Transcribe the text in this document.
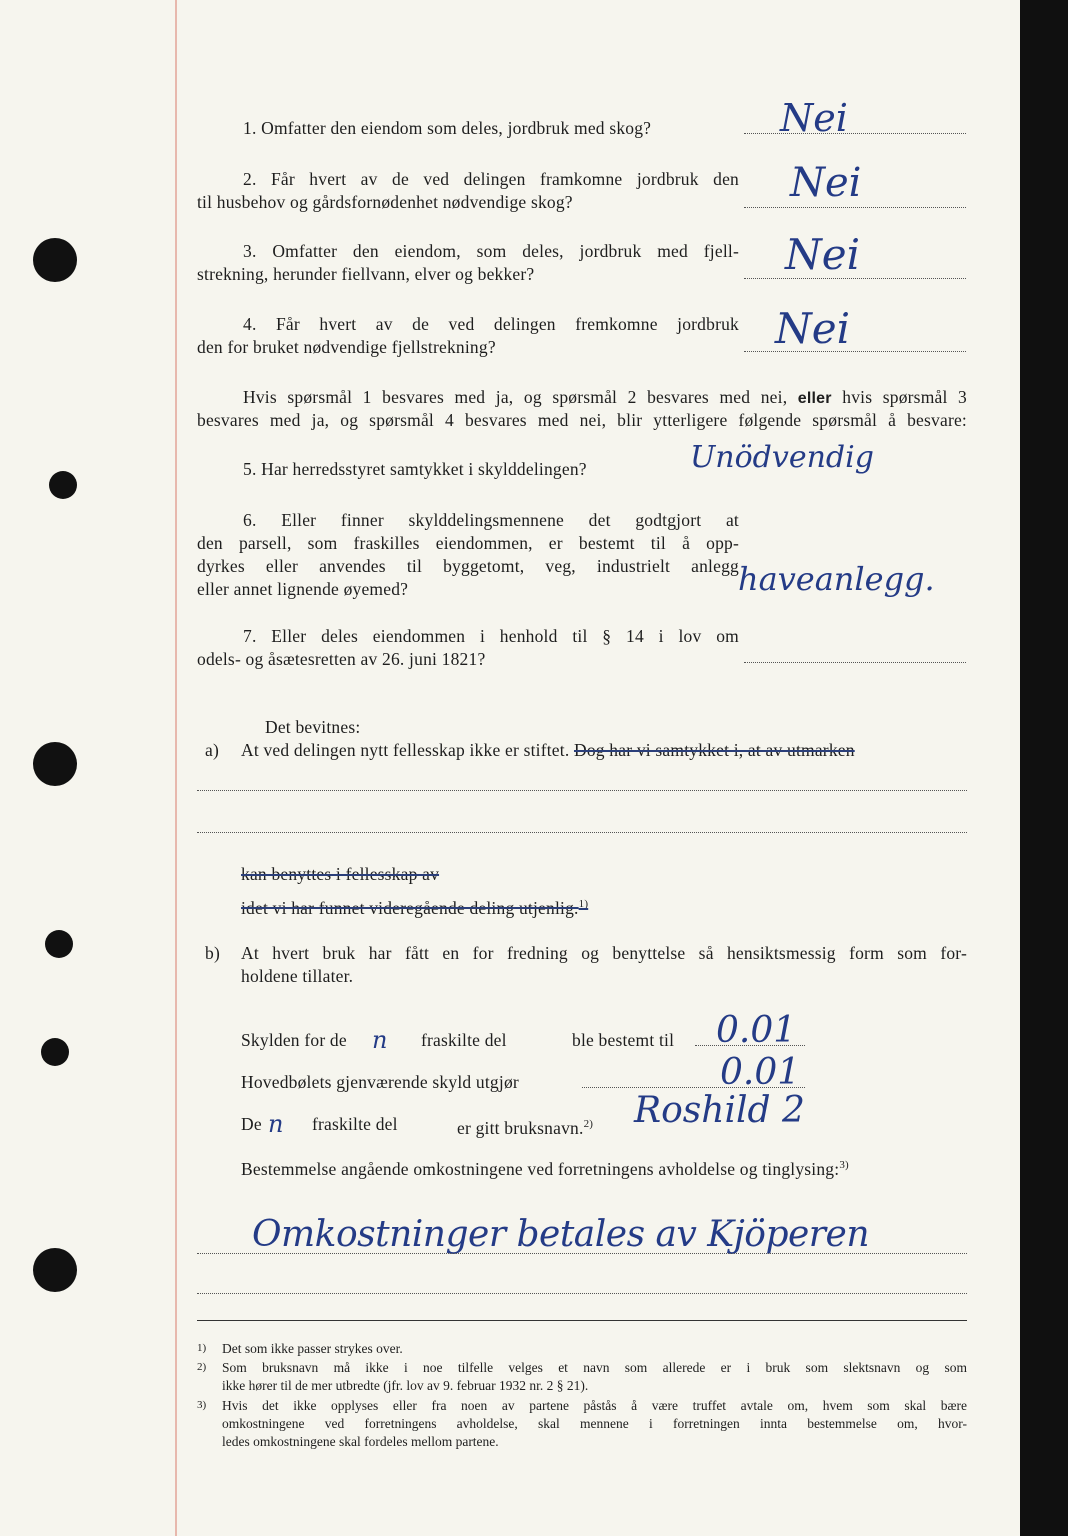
1. Omfatter den eiendom som deles, jordbruk med skog?	Nei
2. Får hvert av de ved delingen framkomne jordbruk den
til husbehov og gårdsfornødenhet nødvendige skog?	Nei
3. Omfatter den eiendom, som deles, jordbruk med fjell-
strekning, herunder fiellvann, elver og bekker?	Nei
4. Får hvert av de ved delingen fremkomne jordbruk
den for bruket nødvendige fjellstrekning?	Nei
Hvis spørsmål 1 besvares med ja, og spørsmål 2 besvares med nei, eller hvis spørsmål 3
besvares med ja, og spørsmål 4 besvares med nei, blir ytterligere følgende spørsmål å besvare:
5. Har herredsstyret samtykket i skylddelingen?	Unödvendig
6. Eller finner skylddelingsmennene det godtgjort at
den parsell, som fraskilles eiendommen, er bestemt til å opp-
dyrkes eller anvendes til byggetomt, veg, industrielt anlegg
eller annet lignende øyemed?	haveanlegg.
7. Eller deles eiendommen i henhold til § 14 i lov om
odels- og åsætesretten av 26. juni 1821?
Det bevitnes:
a) At ved delingen nytt fellesskap ikke er stiftet. Dog har vi samtykket i, at av utmarken
kan benyttes i fellesskap av
idet vi har funnet videregående deling utjenlig.$^{1)}$
b) At hvert bruk har fått en for fredning og benyttelse så hensiktsmessig form som for-
holdene tillater.
Skylden for de n fraskilte del	ble bestemt til 0.01
Hovedbølets gjenværende skyld utgjør	0.01
De n fraskilte del	er gitt bruksnavn.$^{2)}$ Roshild 2
Bestemmelse angående omkostningene ved forretningens avholdelse og tinglysing:$^{3)}$
Omkostninger betales av Kjöperen
1) Det som ikke passer strykes over.
2) Som bruksnavn må ikke i noe tilfelle velges et navn som allerede er i bruk som slektsnavn og som
ikke hører til de mer utbredte (jfr. lov av 9. februar 1932 nr. 2 § 21).
3) Hvis det ikke opplyses eller fra noen av partene påstås å være truffet avtale om, hvem som skal bære
omkostningene ved forretningens avholdelse, skal mennene i forretningen innta bestemmelse om, hvor-
ledes omkostningene skal fordeles mellom partene.
